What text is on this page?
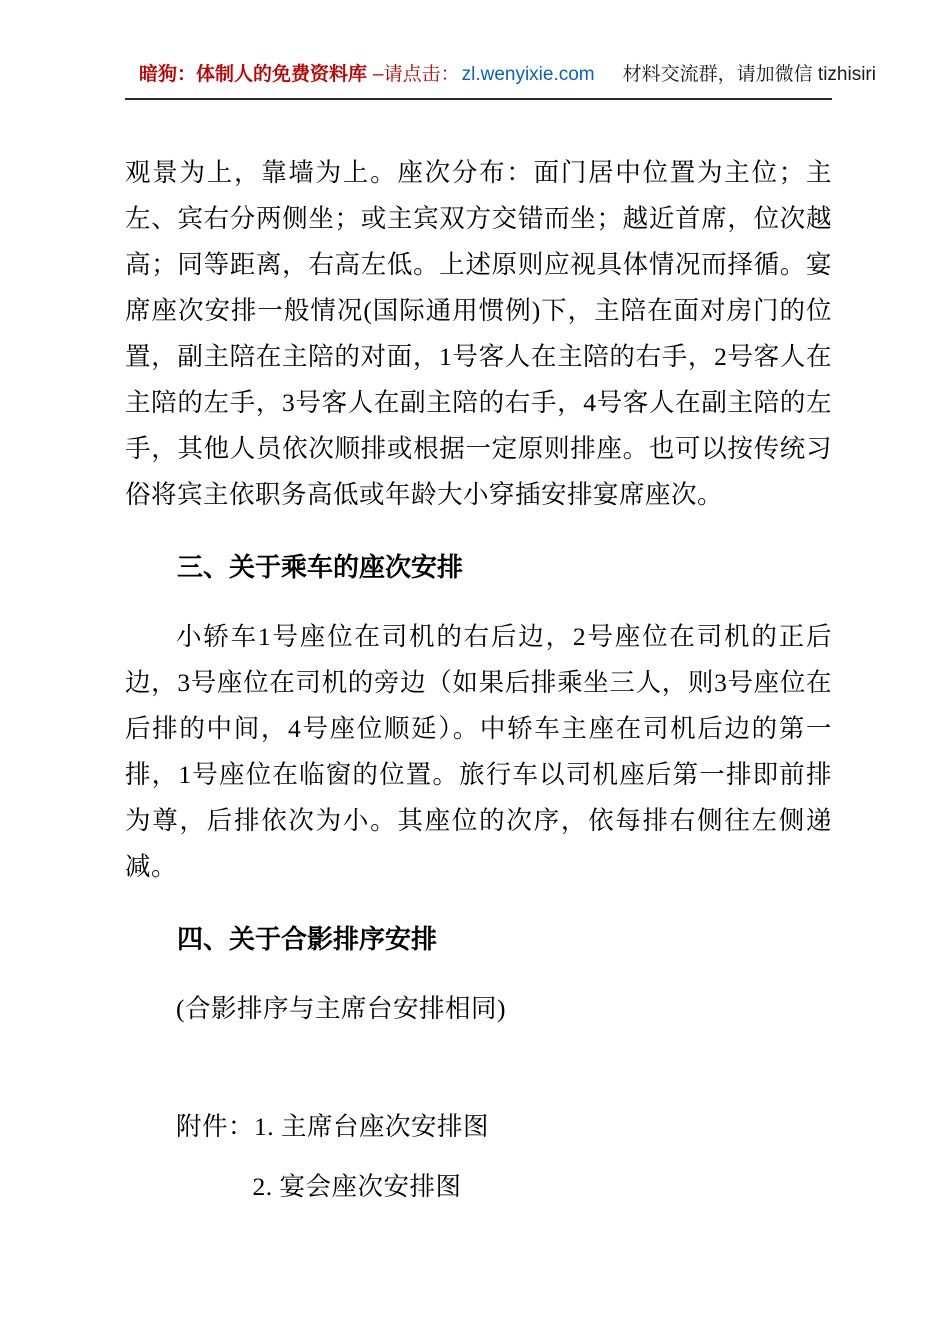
暗狗：体制人的免费资料库 –请点击： zl.wenyixie.com 材料交流群，请加微信 tizhisiri

观景为上，靠墙为上。座次分布：面门居中位置为主位；主左、宾右分两侧坐；或主宾双方交错而坐；越近首席，位次越高；同等距离，右高左低。上述原则应视具体情况而择循。宴席座次安排一般情况(国际通用惯例)下，主陪在面对房门的位置，副主陪在主陪的对面，1号客人在主陪的右手，2号客人在主陪的左手，3号客人在副主陪的右手，4号客人在副主陪的左手，其他人员依次顺排或根据一定原则排座。也可以按传统习俗将宾主依职务高低或年龄大小穿插安排宴席座次。

三、关于乘车的座次安排

小轿车1号座位在司机的右后边，2号座位在司机的正后边，3号座位在司机的旁边（如果后排乘坐三人，则3号座位在后排的中间，4号座位顺延）。中轿车主座在司机后边的第一排，1号座位在临窗的位置。旅行车以司机座后第一排即前排为尊，后排依次为小。其座位的次序，依每排右侧往左侧递减。

四、关于合影排序安排

(合影排序与主席台安排相同)

附件：1. 主席台座次安排图

2. 宴会座次安排图
